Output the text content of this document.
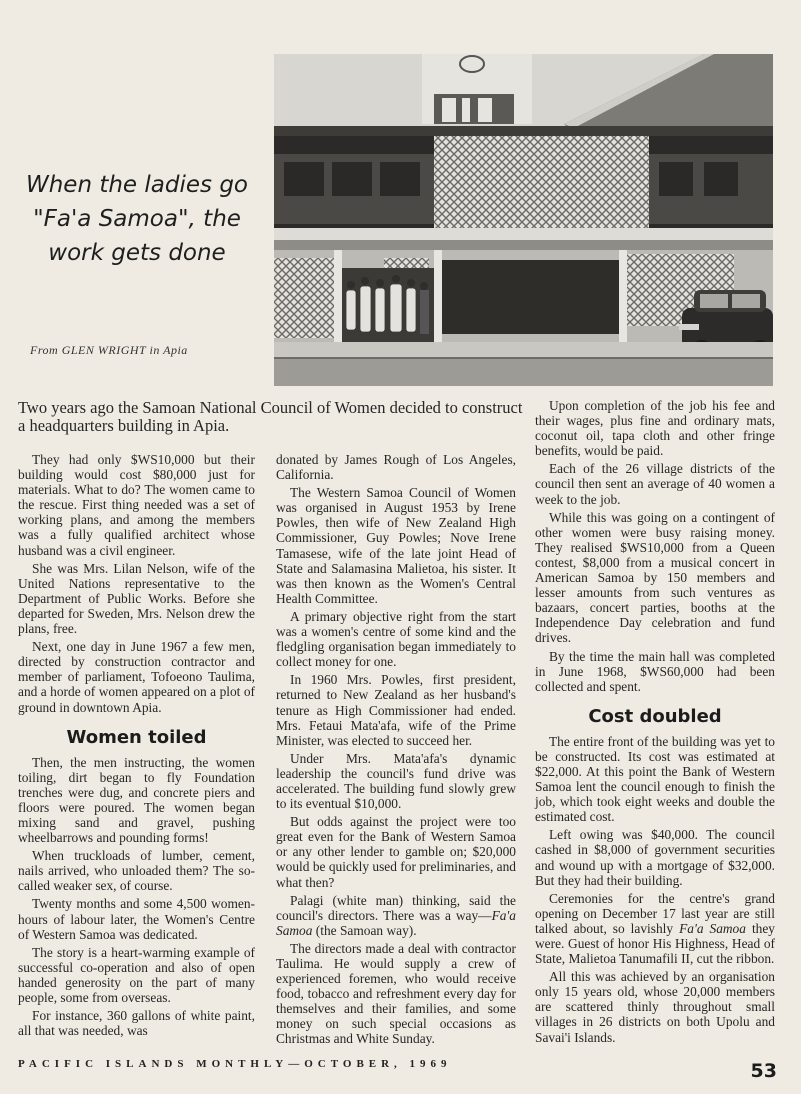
When the ladies go "Fa'a Samoa", the work gets done
From GLEN WRIGHT in Apia

Two years ago the Samoan National Council of Women decided to construct a headquarters building in Apia.

They had only $WS10,000 but their building would cost $80,000 just for materials. What to do? The women came to the rescue. First thing needed was a set of working plans, and among the members was a fully qualified architect whose husband was a civil engineer.

She was Mrs. Lilan Nelson, wife of the United Nations representative to the Department of Public Works. Before she departed for Sweden, Mrs. Nelson drew the plans, free.

Next, one day in June 1967 a few men, directed by construction contractor and member of parliament, Tofoeono Taulima, and a horde of women appeared on a plot of ground in downtown Apia.

Women toiled

Then, the men instructing, the women toiling, dirt began to fly Foundation trenches were dug, and concrete piers and floors were poured. The women began mixing sand and gravel, pushing wheelbarrows and pounding forms!

When truckloads of lumber, cement, nails arrived, who unloaded them? The so-called weaker sex, of course.

Twenty months and some 4,500 women-hours of labour later, the Women's Centre of Western Samoa was dedicated.

The story is a heart-warming example of successful co-operation and also of open handed generosity on the part of many people, some from overseas.

For instance, 360 gallons of white paint, all that was needed, was

donated by James Rough of Los Angeles, California.

The Western Samoa Council of Women was organised in August 1953 by Irene Powles, then wife of New Zealand High Commissioner, Guy Powles; Nove Irene Tamasese, wife of the late joint Head of State and Salamasina Malietoa, his sister. It was then known as the Women's Central Health Committee.

A primary objective right from the start was a women's centre of some kind and the fledgling organisation began immediately to collect money for one.

In 1960 Mrs. Powles, first president, returned to New Zealand as her husband's tenure as High Commissioner had ended. Mrs. Fetaui Mata'afa, wife of the Prime Minister, was elected to succeed her.

Under Mrs. Mata'afa's dynamic leadership the council's fund drive was accelerated. The building fund slowly grew to its eventual $10,000.

But odds against the project were too great even for the Bank of Western Samoa or any other lender to gamble on; $20,000 would be quickly used for preliminaries, and what then?

Palagi (white man) thinking, said the council's directors. There was a way—Fa'a Samoa (the Samoan way).

The directors made a deal with contractor Taulima. He would supply a crew of experienced foremen, who would receive food, tobacco and refreshment every day for themselves and their families, and some money on such special occasions as Christmas and White Sunday.

Upon completion of the job his fee and their wages, plus fine and ordinary mats, coconut oil, tapa cloth and other fringe benefits, would be paid.

Each of the 26 village districts of the council then sent an average of 40 women a week to the job.

While this was going on a contingent of other women were busy raising money. They realised $WS10,000 from a Queen contest, $8,000 from a musical concert in American Samoa by 150 members and lesser amounts from such ventures as bazaars, concert parties, booths at the Independence Day celebration and fund drives.

By the time the main hall was completed in June 1968, $WS60,000 had been collected and spent.

Cost doubled

The entire front of the building was yet to be constructed. Its cost was estimated at $22,000. At this point the Bank of Western Samoa lent the council enough to finish the job, which took eight weeks and double the estimated cost.

Left owing was $40,000. The council cashed in $8,000 of government securities and wound up with a mortgage of $32,000. But they had their building.

Ceremonies for the centre's grand opening on December 17 last year are still talked about, so lavishly Fa'a Samoa they were. Guest of honor His Highness, Head of State, Malietoa Tanumafili II, cut the ribbon.

All this was achieved by an organisation only 15 years old, whose 20,000 members are scattered thinly throughout small villages in 26 districts on both Upolu and Savai'i Islands.

PACIFIC ISLANDS MONTHLY—OCTOBER, 1969	53
